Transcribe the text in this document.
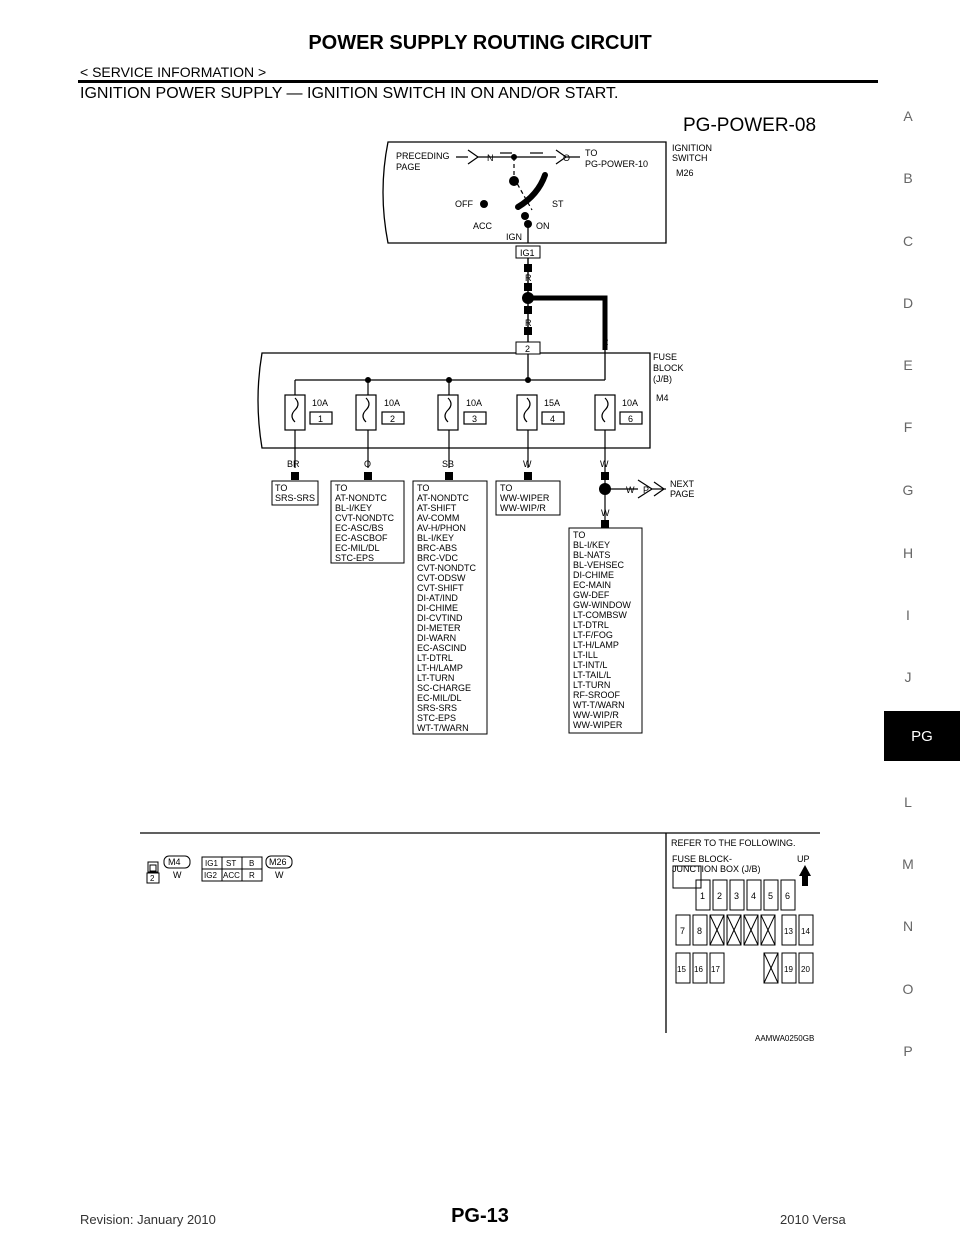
POWER SUPPLY ROUTING CIRCUIT
< SERVICE INFORMATION >
IGNITION POWER SUPPLY — IGNITION SWITCH IN ON AND/OR START.
PG-POWER-08	A
B
C
D
E
F
G
H
I
J
PG
L
M
N
O
P
PRECEDING
PAGE
N	O TO
PG-POWER-10
IGNITION
SWITCH
M26
OFF
ACC
ST
ON
IGN
IG1
R
R
R
2
FUSE
BLOCK
(J/B)
M4
10A
1
10A
2
10A
3
15A
4
10A
6
BR	O	SB	W	W
W P
NEXT
PAGE
W
TO
SRS-SRS
TO
AT-NONDTC
BL-I/KEY
CVT-NONDTC
EC-ASC/BS
EC-ASCBOF
EC-MIL/DL
STC-EPS
TO
AT-NONDTC
AT-SHIFT
AV-COMM
AV-H/PHON
BL-I/KEY
BRC-ABS
BRC-VDC
CVT-NONDTC
CVT-ODSW
CVT-SHIFT
DI-AT/IND
DI-CHIME
DI-CVTIND
DI-METER
DI-WARN
EC-ASCIND
LT-DTRL
LT-H/LAMP
LT-TURN
SC-CHARGE
EC-MIL/DL
SRS-SRS
STC-EPS
WT-T/WARN
TO
WW-WIPER
WW-WIP/R
TO
BL-I/KEY
BL-NATS
BL-VEHSEC
DI-CHIME
EC-MAIN
GW-DEF
GW-WINDOW
LT-COMBSW
LT-DTRL
LT-F/FOG
LT-H/LAMP
LT-ILL
LT-INT/L
LT-TAIL/L
LT-TURN
RF-SROOF
WT-T/WARN
WW-WIP/R
WW-WIPER
2
M4
W
IG1 ST B
IG2 ACC R
M26
W
REFER TO THE FOLLOWING.
FUSE BLOCK-
JUNCTION BOX (J/B)
UP
1 2 3 4 5 6
7 8	13 14
15 16 17	19 20
AAMWA0250GB
PG-13
Revision: January 2010	2010 Versa
